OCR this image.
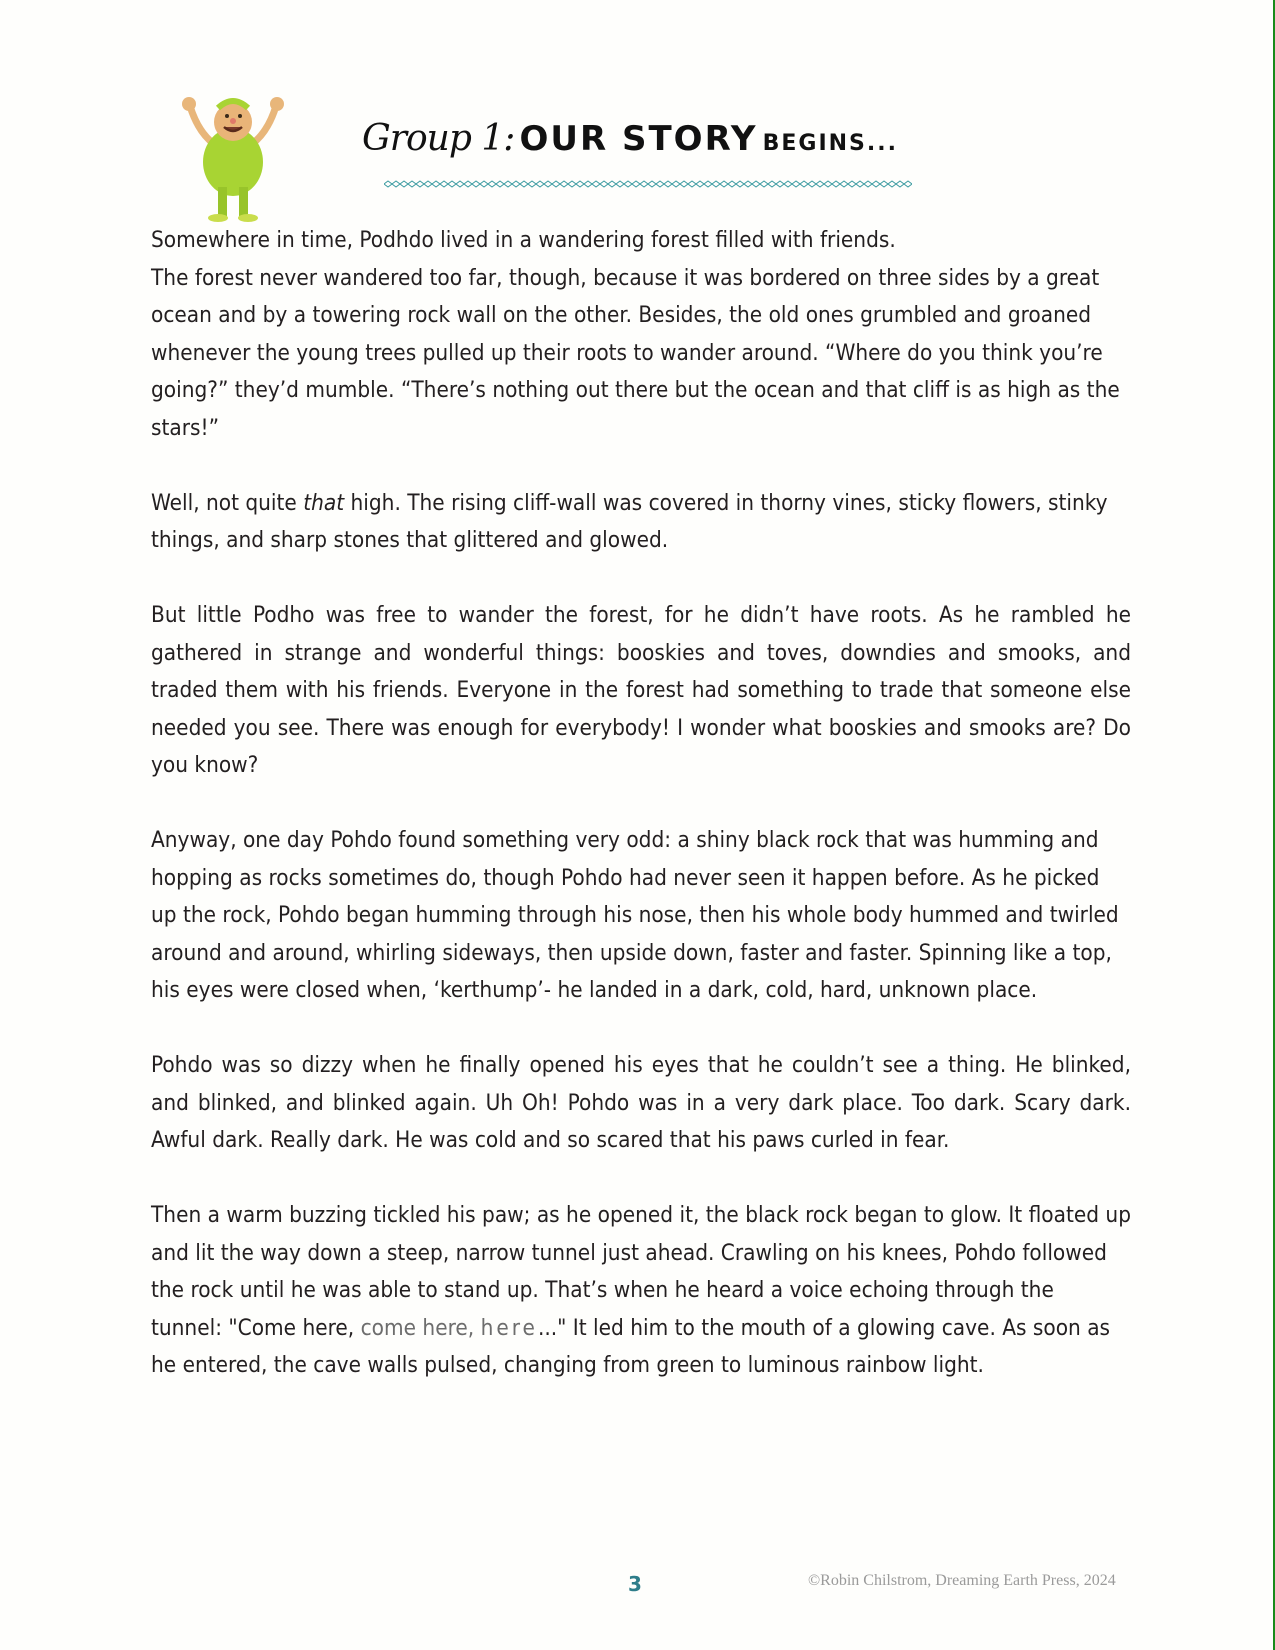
Group 1: OUR STORY BEGINS...

Somewhere in time, Podhdo lived in a wandering forest filled with friends.
The forest never wandered too far, though, because it was bordered on three sides by a great ocean and by a towering rock wall on the other. Besides, the old ones grumbled and groaned whenever the young trees pulled up their roots to wander around. “Where do you think you’re going?” they’d mumble. “There’s nothing out there but the ocean and that cliff is as high as the stars!”

Well, not quite that high. The rising cliff-wall was covered in thorny vines, sticky flowers, stinky things, and sharp stones that glittered and glowed.

But little Podho was free to wander the forest, for he didn’t have roots. As he rambled he gathered in strange and wonderful things: booskies and toves, downdies and smooks, and traded them with his friends. Everyone in the forest had something to trade that someone else needed you see. There was enough for everybody! I wonder what booskies and smooks are? Do you know?

Anyway, one day Pohdo found something very odd: a shiny black rock that was humming and hopping as rocks sometimes do, though Pohdo had never seen it happen before. As he picked up the rock, Pohdo began humming through his nose, then his whole body hummed and twirled around and around, whirling sideways, then upside down, faster and faster. Spinning like a top, his eyes were closed when, ‘kerthump’- he landed in a dark, cold, hard, unknown place.

Pohdo was so dizzy when he finally opened his eyes that he couldn’t see a thing. He blinked, and blinked, and blinked again. Uh Oh! Pohdo was in a very dark place. Too dark. Scary dark. Awful dark. Really dark. He was cold and so scared that his paws curled in fear.

Then a warm buzzing tickled his paw; as he opened it, the black rock began to glow. It floated up and lit the way down a steep, narrow tunnel just ahead. Crawling on his knees, Pohdo followed the rock until he was able to stand up. That’s when he heard a voice echoing through the tunnel: "Come here, come here, here..." It led him to the mouth of a glowing cave. As soon as he entered, the cave walls pulsed, changing from green to luminous rainbow light.

3	©Robin Chilstrom, Dreaming Earth Press, 2024
